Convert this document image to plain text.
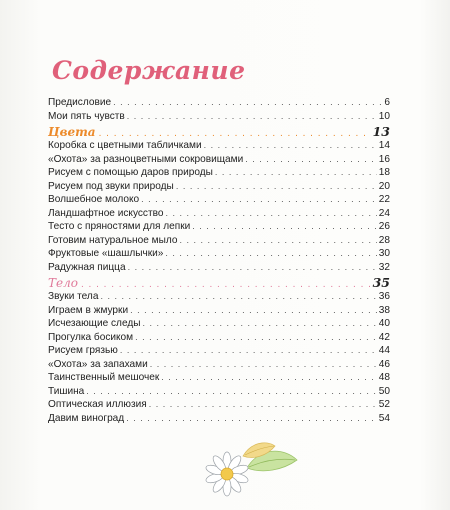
Содержание
Предисловие . . .	6
Мои пять чувств . . .	10
Цвета . . .	13
Коробка с цветными табличками . . .	14
«Охота» за разноцветными сокровищами . . .	16
Рисуем с помощью даров природы . . .	18
Рисуем под звуки природы . . .	20
Волшебное молоко . . .	22
Ландшафтное искусство . . .	24
Тесто с пряностями для лепки . . .	26
Готовим натуральное мыло . . .	28
Фруктовые «шашлычки» . . .	30
Радужная пицца . . .	32
Тело . . .	35
Звуки тела . . .	36
Играем в жмурки . . .	38
Исчезающие следы . . .	40
Прогулка босиком . . .	42
Рисуем грязью . . .	44
«Охота» за запахами . . .	46
Таинственный мешочек . . .	48
Тишина . . .	50
Оптическая иллюзия . . .	52
Давим виноград . . .	54
